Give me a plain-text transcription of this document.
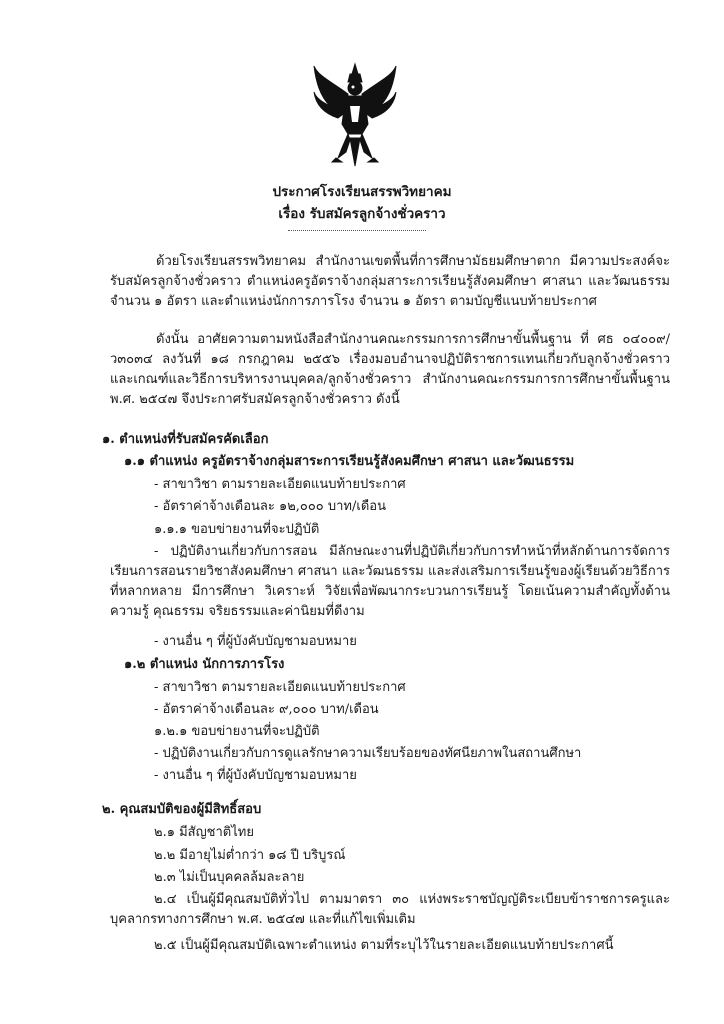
ประกาศโรงเรียนสรรพวิทยาคม
เรื่อง รับสมัครลูกจ้างชั่วคราว
ด้วยโรงเรียนสรรพวิทยาคม สำนักงานเขตพื้นที่การศึกษามัธยมศึกษาตาก มีความประสงค์จะรับสมัครลูกจ้างชั่วคราว ตำแหน่งครูอัตราจ้างกลุ่มสาระการเรียนรู้สังคมศึกษา ศาสนา และวัฒนธรรม จำนวน ๑ อัตรา และตำแหน่งนักการภารโรง จำนวน ๑ อัตรา ตามบัญชีแนบท้ายประกาศ
ดังนั้น อาศัยความตามหนังสือสำนักงานคณะกรรมการการศึกษาขั้นพื้นฐาน ที่ ศธ ๐๔๐๐๙/ว๓๐๓๔ ลงวันที่ ๑๘ กรกฎาคม ๒๕๕๖ เรื่องมอบอำนาจปฏิบัติราชการแทนเกี่ยวกับลูกจ้างชั่วคราว และเกณฑ์และวิธีการบริหารงานบุคคล/ลูกจ้างชั่วคราว สำนักงานคณะกรรมการการศึกษาขั้นพื้นฐาน พ.ศ. ๒๕๔๗ จึงประกาศรับสมัครลูกจ้างชั่วคราว ดังนี้
๑. ตำแหน่งที่รับสมัครคัดเลือก
๑.๑ ตำแหน่ง ครูอัตราจ้างกลุ่มสาระการเรียนรู้สังคมศึกษา ศาสนา และวัฒนธรรม
- สาขาวิชา ตามรายละเอียดแนบท้ายประกาศ
- อัตราค่าจ้างเดือนละ ๑๒,๐๐๐ บาท/เดือน
๑.๑.๑ ขอบข่ายงานที่จะปฏิบัติ
- ปฏิบัติงานเกี่ยวกับการสอน มีลักษณะงานที่ปฏิบัติเกี่ยวกับการทำหน้าที่หลักด้านการจัดการเรียนการสอนรายวิชาสังคมศึกษา ศาสนา และวัฒนธรรม และส่งเสริมการเรียนรู้ของผู้เรียนด้วยวิธีการที่หลากหลาย มีการศึกษา วิเคราะห์ วิจัยเพื่อพัฒนากระบวนการเรียนรู้ โดยเน้นความสำคัญทั้งด้านความรู้ คุณธรรม จริยธรรมและค่านิยมที่ดีงาม
- งานอื่น ๆ ที่ผู้บังคับบัญชามอบหมาย
๑.๒ ตำแหน่ง นักการภารโรง
- สาขาวิชา ตามรายละเอียดแนบท้ายประกาศ
- อัตราค่าจ้างเดือนละ ๙,๐๐๐ บาท/เดือน
๑.๒.๑ ขอบข่ายงานที่จะปฏิบัติ
- ปฏิบัติงานเกี่ยวกับการดูแลรักษาความเรียบร้อยของทัศนียภาพในสถานศึกษา
- งานอื่น ๆ ที่ผู้บังคับบัญชามอบหมาย
๒. คุณสมบัติของผู้มีสิทธิ์สอบ
๒.๑ มีสัญชาติไทย
๒.๒ มีอายุไม่ต่ำกว่า ๑๘ ปี บริบูรณ์
๒.๓ ไม่เป็นบุคคลล้มละลาย
๒.๔ เป็นผู้มีคุณสมบัติทั่วไป ตามมาตรา ๓๐ แห่งพระราชบัญญัติระเบียบข้าราชการครูและบุคลากรทางการศึกษา พ.ศ. ๒๕๔๗ และที่แก้ไขเพิ่มเติม
๒.๕ เป็นผู้มีคุณสมบัติเฉพาะตำแหน่ง ตามที่ระบุไว้ในรายละเอียดแนบท้ายประกาศนี้
